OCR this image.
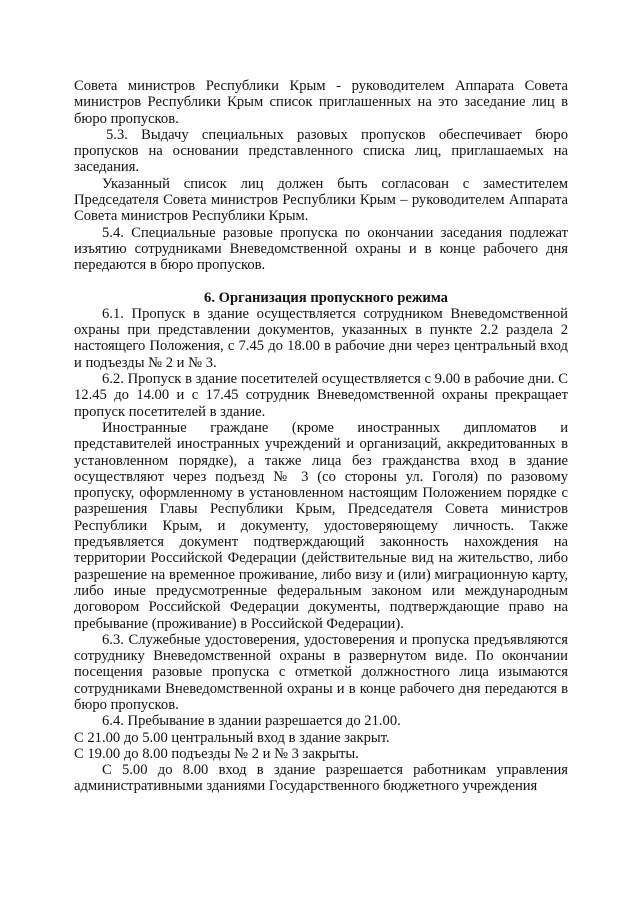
Совета министров Республики Крым - руководителем Аппарата Совета министров Республики Крым список приглашенных на это заседание лиц в бюро пропусков.

5.3. Выдачу специальных разовых пропусков обеспечивает бюро пропусков на основании представленного списка лиц, приглашаемых на заседания.

Указанный список лиц должен быть согласован с заместителем Председателя Совета министров Республики Крым – руководителем Аппарата Совета министров Республики Крым.

5.4. Специальные разовые пропуска по окончании заседания подлежат изъятию сотрудниками Вневедомственной охраны и в конце рабочего дня передаются в бюро пропусков.

6. Организация пропускного режима

6.1. Пропуск в здание осуществляется сотрудником Вневедомственной охраны при представлении документов, указанных в пункте 2.2 раздела 2 настоящего Положения, с 7.45 до 18.00 в рабочие дни через центральный вход и подъезды № 2 и № 3.

6.2. Пропуск в здание посетителей осуществляется с 9.00 в рабочие дни. С 12.45 до 14.00 и с 17.45 сотрудник Вневедомственной охраны прекращает пропуск посетителей в здание.

Иностранные граждане (кроме иностранных дипломатов и представителей иностранных учреждений и организаций, аккредитованных в установленном порядке), а также лица без гражданства вход в здание осуществляют через подъезд № 3 (со стороны ул. Гоголя) по разовому пропуску, оформленному в установленном настоящим Положением порядке с разрешения Главы Республики Крым, Председателя Совета министров Республики Крым, и документу, удостоверяющему личность. Также предъявляется документ подтверждающий законность нахождения на территории Российской Федерации (действительные вид на жительство, либо разрешение на временное проживание, либо визу и (или) миграционную карту, либо иные предусмотренные федеральным законом или международным договором Российской Федерации документы, подтверждающие право на пребывание (проживание) в Российской Федерации).

6.3. Служебные удостоверения, удостоверения и пропуска предъявляются сотруднику Вневедомственной охраны в развернутом виде. По окончании посещения разовые пропуска с отметкой должностного лица изымаются сотрудниками Вневедомственной охраны и в конце рабочего дня передаются в бюро пропусков.

6.4. Пребывание в здании разрешается до 21.00.

С 21.00 до 5.00 центральный вход в здание закрыт.

С 19.00 до 8.00 подъезды № 2 и № 3 закрыты.

С 5.00 до 8.00 вход в здание разрешается работникам управления административными зданиями Государственного бюджетного учреждения
